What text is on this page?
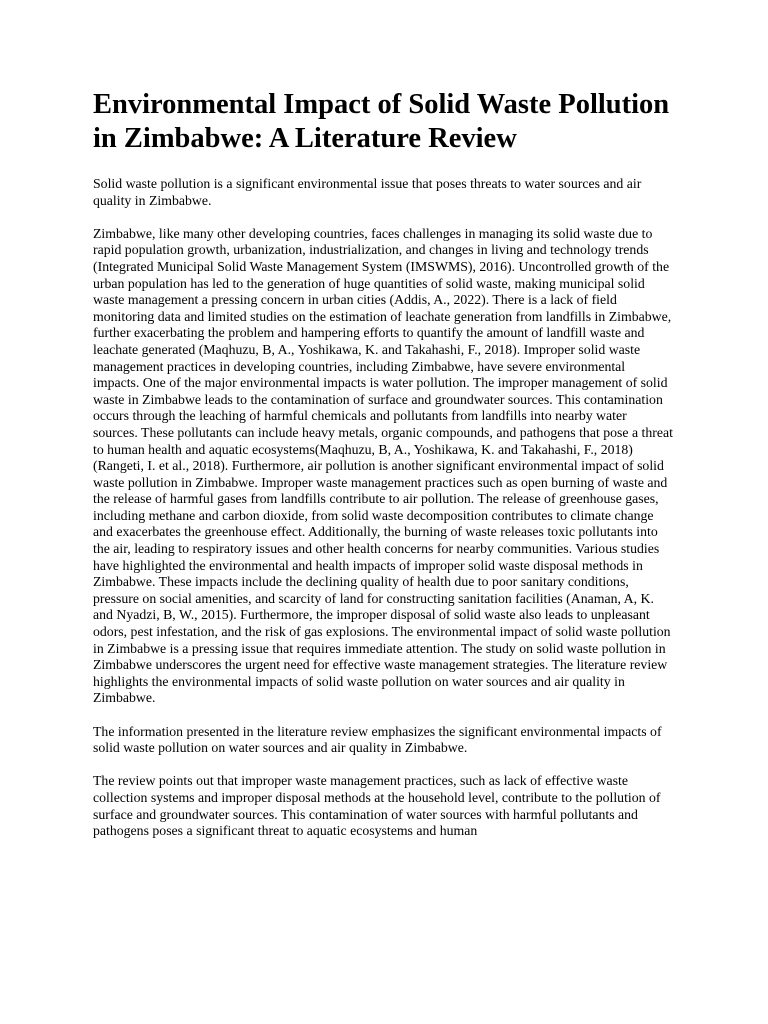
Environmental Impact of Solid Waste Pollution in Zimbabwe: A Literature Review

Solid waste pollution is a significant environmental issue that poses threats to water sources and air quality in Zimbabwe.

Zimbabwe, like many other developing countries, faces challenges in managing its solid waste due to rapid population growth, urbanization, industrialization, and changes in living and technology trends (Integrated Municipal Solid Waste Management System (IMSWMS), 2016). Uncontrolled growth of the urban population has led to the generation of huge quantities of solid waste, making municipal solid waste management a pressing concern in urban cities (Addis, A., 2022). There is a lack of field monitoring data and limited studies on the estimation of leachate generation from landfills in Zimbabwe, further exacerbating the problem and hampering efforts to quantify the amount of landfill waste and leachate generated (Maqhuzu, B, A., Yoshikawa, K. and Takahashi, F., 2018). Improper solid waste management practices in developing countries, including Zimbabwe, have severe environmental impacts. One of the major environmental impacts is water pollution. The improper management of solid waste in Zimbabwe leads to the contamination of surface and groundwater sources. This contamination occurs through the leaching of harmful chemicals and pollutants from landfills into nearby water sources. These pollutants can include heavy metals, organic compounds, and pathogens that pose a threat to human health and aquatic ecosystems(Maqhuzu, B, A., Yoshikawa, K. and Takahashi, F., 2018)(Rangeti, I. et al., 2018). Furthermore, air pollution is another significant environmental impact of solid waste pollution in Zimbabwe. Improper waste management practices such as open burning of waste and the release of harmful gases from landfills contribute to air pollution. The release of greenhouse gases, including methane and carbon dioxide, from solid waste decomposition contributes to climate change and exacerbates the greenhouse effect. Additionally, the burning of waste releases toxic pollutants into the air, leading to respiratory issues and other health concerns for nearby communities. Various studies have highlighted the environmental and health impacts of improper solid waste disposal methods in Zimbabwe. These impacts include the declining quality of health due to poor sanitary conditions, pressure on social amenities, and scarcity of land for constructing sanitation facilities (Anaman, A, K. and Nyadzi, B, W., 2015). Furthermore, the improper disposal of solid waste also leads to unpleasant odors, pest infestation, and the risk of gas explosions. The environmental impact of solid waste pollution in Zimbabwe is a pressing issue that requires immediate attention. The study on solid waste pollution in Zimbabwe underscores the urgent need for effective waste management strategies. The literature review highlights the environmental impacts of solid waste pollution on water sources and air quality in Zimbabwe.

The information presented in the literature review emphasizes the significant environmental impacts of solid waste pollution on water sources and air quality in Zimbabwe.

The review points out that improper waste management practices, such as lack of effective waste collection systems and improper disposal methods at the household level, contribute to the pollution of surface and groundwater sources. This contamination of water sources with harmful pollutants and pathogens poses a significant threat to aquatic ecosystems and human
